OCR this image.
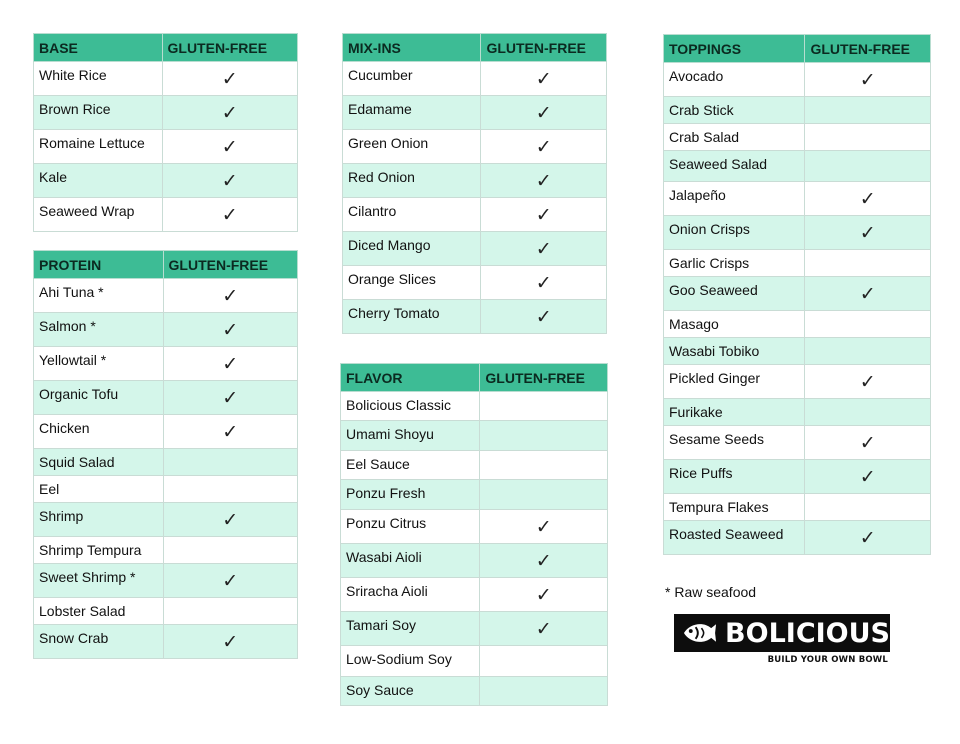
BASE	GLUTEN-FREE
White Rice	✓
Brown Rice	✓
Romaine Lettuce	✓
Kale	✓
Seaweed Wrap	✓
PROTEIN	GLUTEN-FREE
Ahi Tuna *	✓
Salmon *	✓
Yellowtail *	✓
Organic Tofu	✓
Chicken	✓
Squid Salad	
Eel	
Shrimp	✓
Shrimp Tempura	
Sweet Shrimp *	✓
Lobster Salad	
Snow Crab	✓
MIX-INS	GLUTEN-FREE
Cucumber	✓
Edamame	✓
Green Onion	✓
Red Onion	✓
Cilantro	✓
Diced Mango	✓
Orange Slices	✓
Cherry Tomato	✓
FLAVOR	GLUTEN-FREE
Bolicious Classic	
Umami Shoyu	
Eel Sauce	
Ponzu Fresh	
Ponzu Citrus	✓
Wasabi Aioli	✓
Sriracha Aioli	✓
Tamari Soy	✓
Low-Sodium Soy	
Soy Sauce	
TOPPINGS	GLUTEN-FREE
Avocado	✓
Crab Stick	
Crab Salad	
Seaweed Salad	
Jalapeño	✓
Onion Crisps	✓
Garlic Crisps	
Goo Seaweed	✓
Masago	
Wasabi Tobiko	
Pickled Ginger	✓
Furikake	
Sesame Seeds	✓
Rice Puffs	✓
Tempura Flakes	
Roasted Seaweed	✓
* Raw seafood
BOLICIOUS
BUILD YOUR OWN BOWL
